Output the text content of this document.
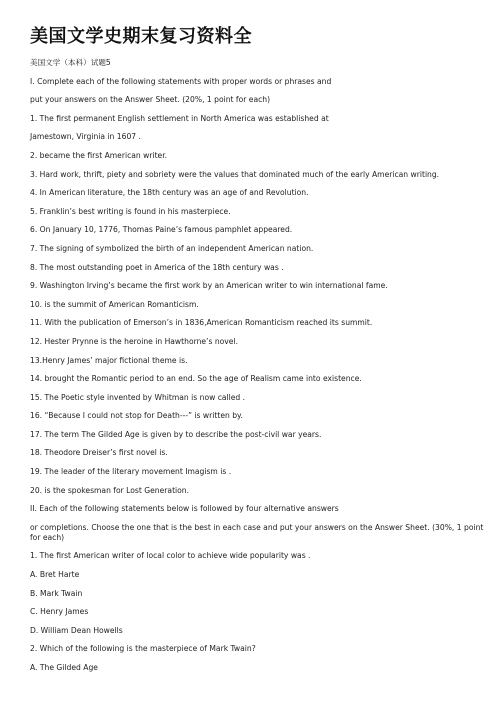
美国文学史期末复习资料全
美国文学（本科）试题5
I. Complete each of the following statements with proper words or phrases and
put your answers on the Answer Sheet. (20%, 1 point for each)
1. The first permanent English settlement in North America was established at
Jamestown, Virginia in 1607 .
2. became the first American writer.
3. Hard work, thrift, piety and sobriety were the values that dominated much of the early American writing.
4. In American literature, the 18th century was an age of and Revolution.
5. Franklin’s best writing is found in his masterpiece.
6. On January 10, 1776, Thomas Paine’s famous pamphlet appeared.
7. The signing of symbolized the birth of an independent American nation.
8. The most outstanding poet in America of the 18th century was .
9. Washington Irving’s became the first work by an American writer to win international fame.
10. is the summit of American Romanticism.
11. With the publication of Emerson’s in 1836,American Romanticism reached its summit.
12. Hester Prynne is the heroine in Hawthorne’s novel.
13.Henry James’ major fictional theme is.
14. brought the Romantic period to an end. So the age of Realism came into existence.
15. The Poetic style invented by Whitman is now called .
16. “Because I could not stop for Death---” is written by.
17. The term The Gilded Age is given by to describe the post-civil war years.
18. Theodore Dreiser’s first novel is.
19. The leader of the literary movement Imagism is .
20. is the spokesman for Lost Generation.
II. Each of the following statements below is followed by four alternative answers
or completions. Choose the one that is the best in each case and put your answers on the Answer Sheet. (30%, 1 point for each)
1. The first American writer of local color to achieve wide popularity was .
A. Bret Harte
B. Mark Twain
C. Henry James
D. William Dean Howells
2. Which of the following is the masterpiece of Mark Twain?
A. The Gilded Age
